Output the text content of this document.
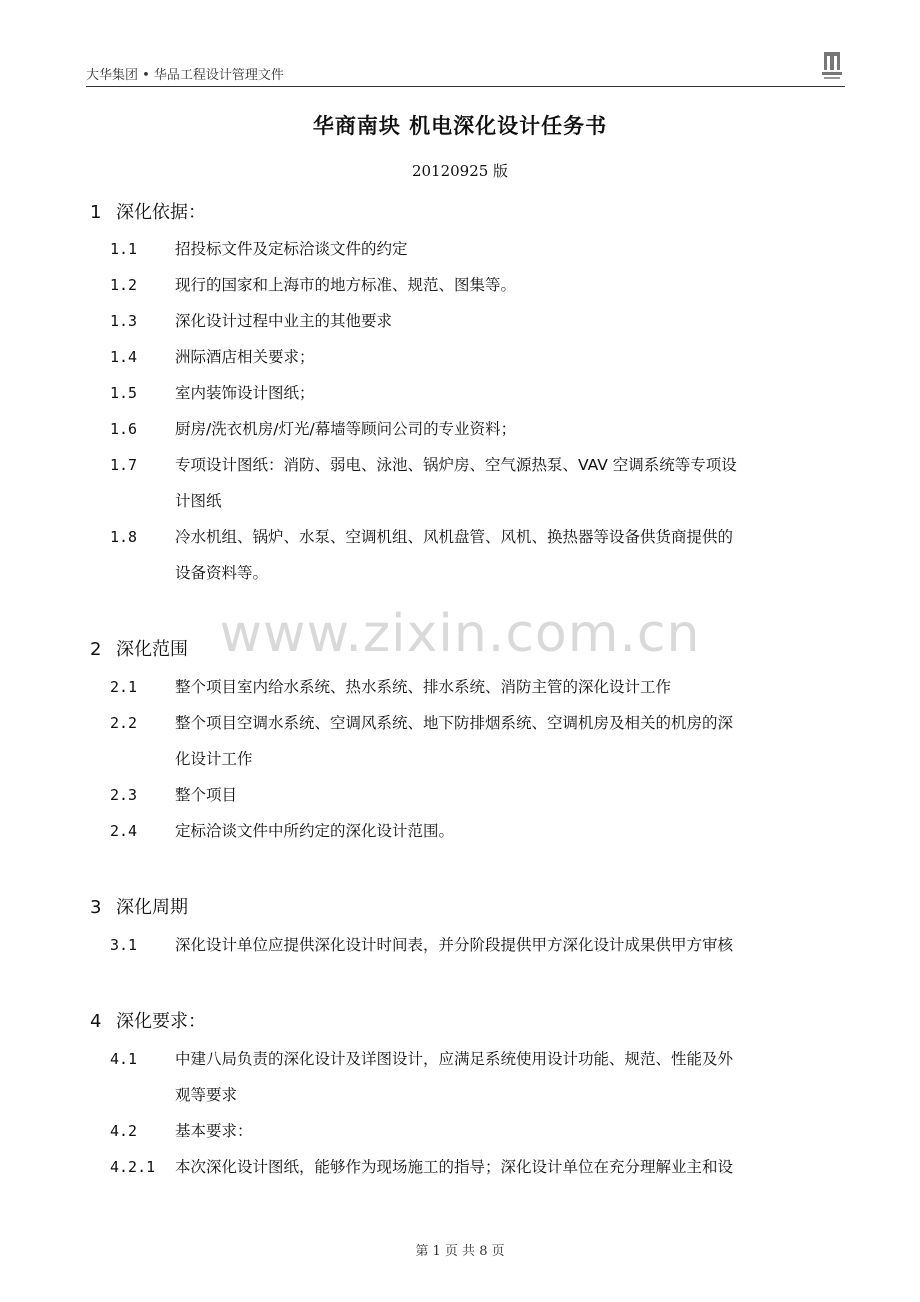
大华集团 • 华品工程设计管理文件
华商南块 机电深化设计任务书
20120925 版
www.zixin.com.cn
1 深化依据：
1.1	招投标文件及定标洽谈文件的约定
1.2	现行的国家和上海市的地方标准、规范、图集等。
1.3	深化设计过程中业主的其他要求
1.4	洲际酒店相关要求；
1.5	室内装饰设计图纸；
1.6	厨房/洗衣机房/灯光/幕墙等顾问公司的专业资料；
1.7	专项设计图纸：消防、弱电、泳池、锅炉房、空气源热泵、VAV 空调系统等专项设
计图纸
1.8	冷水机组、锅炉、水泵、空调机组、风机盘管、风机、换热器等设备供货商提供的
设备资料等。
2 深化范围
2.1	整个项目室内给水系统、热水系统、排水系统、消防主管的深化设计工作
2.2	整个项目空调水系统、空调风系统、地下防排烟系统、空调机房及相关的机房的深
化设计工作
2.3	整个项目
2.4	定标洽谈文件中所约定的深化设计范围。
3 深化周期
3.1	深化设计单位应提供深化设计时间表，并分阶段提供甲方深化设计成果供甲方审核
4 深化要求：
4.1	中建八局负责的深化设计及详图设计，应满足系统使用设计功能、规范、性能及外
观等要求
4.2	基本要求：
4.2.1	本次深化设计图纸，能够作为现场施工的指导；深化设计单位在充分理解业主和设
第 1 页 共 8 页
